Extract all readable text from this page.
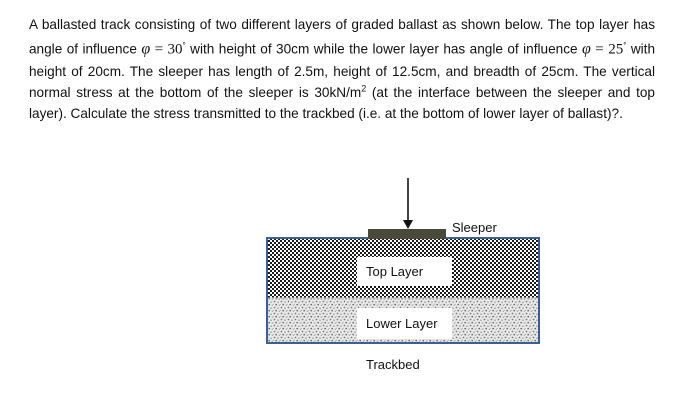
A ballasted track consisting of two different layers of graded ballast as shown below. The top layer has angle of influence φ = 30° with height of 30cm while the lower layer has angle of influence φ = 25° with height of 20cm. The sleeper has length of 2.5m, height of 12.5cm, and breadth of 25cm. The vertical normal stress at the bottom of the sleeper is $30kN/m^2$ (at the interface between the sleeper and top layer). Calculate the stress transmitted to the trackbed (i.e. at the bottom of lower layer of ballast)?.

Sleeper
Top Layer
Lower Layer
Trackbed
